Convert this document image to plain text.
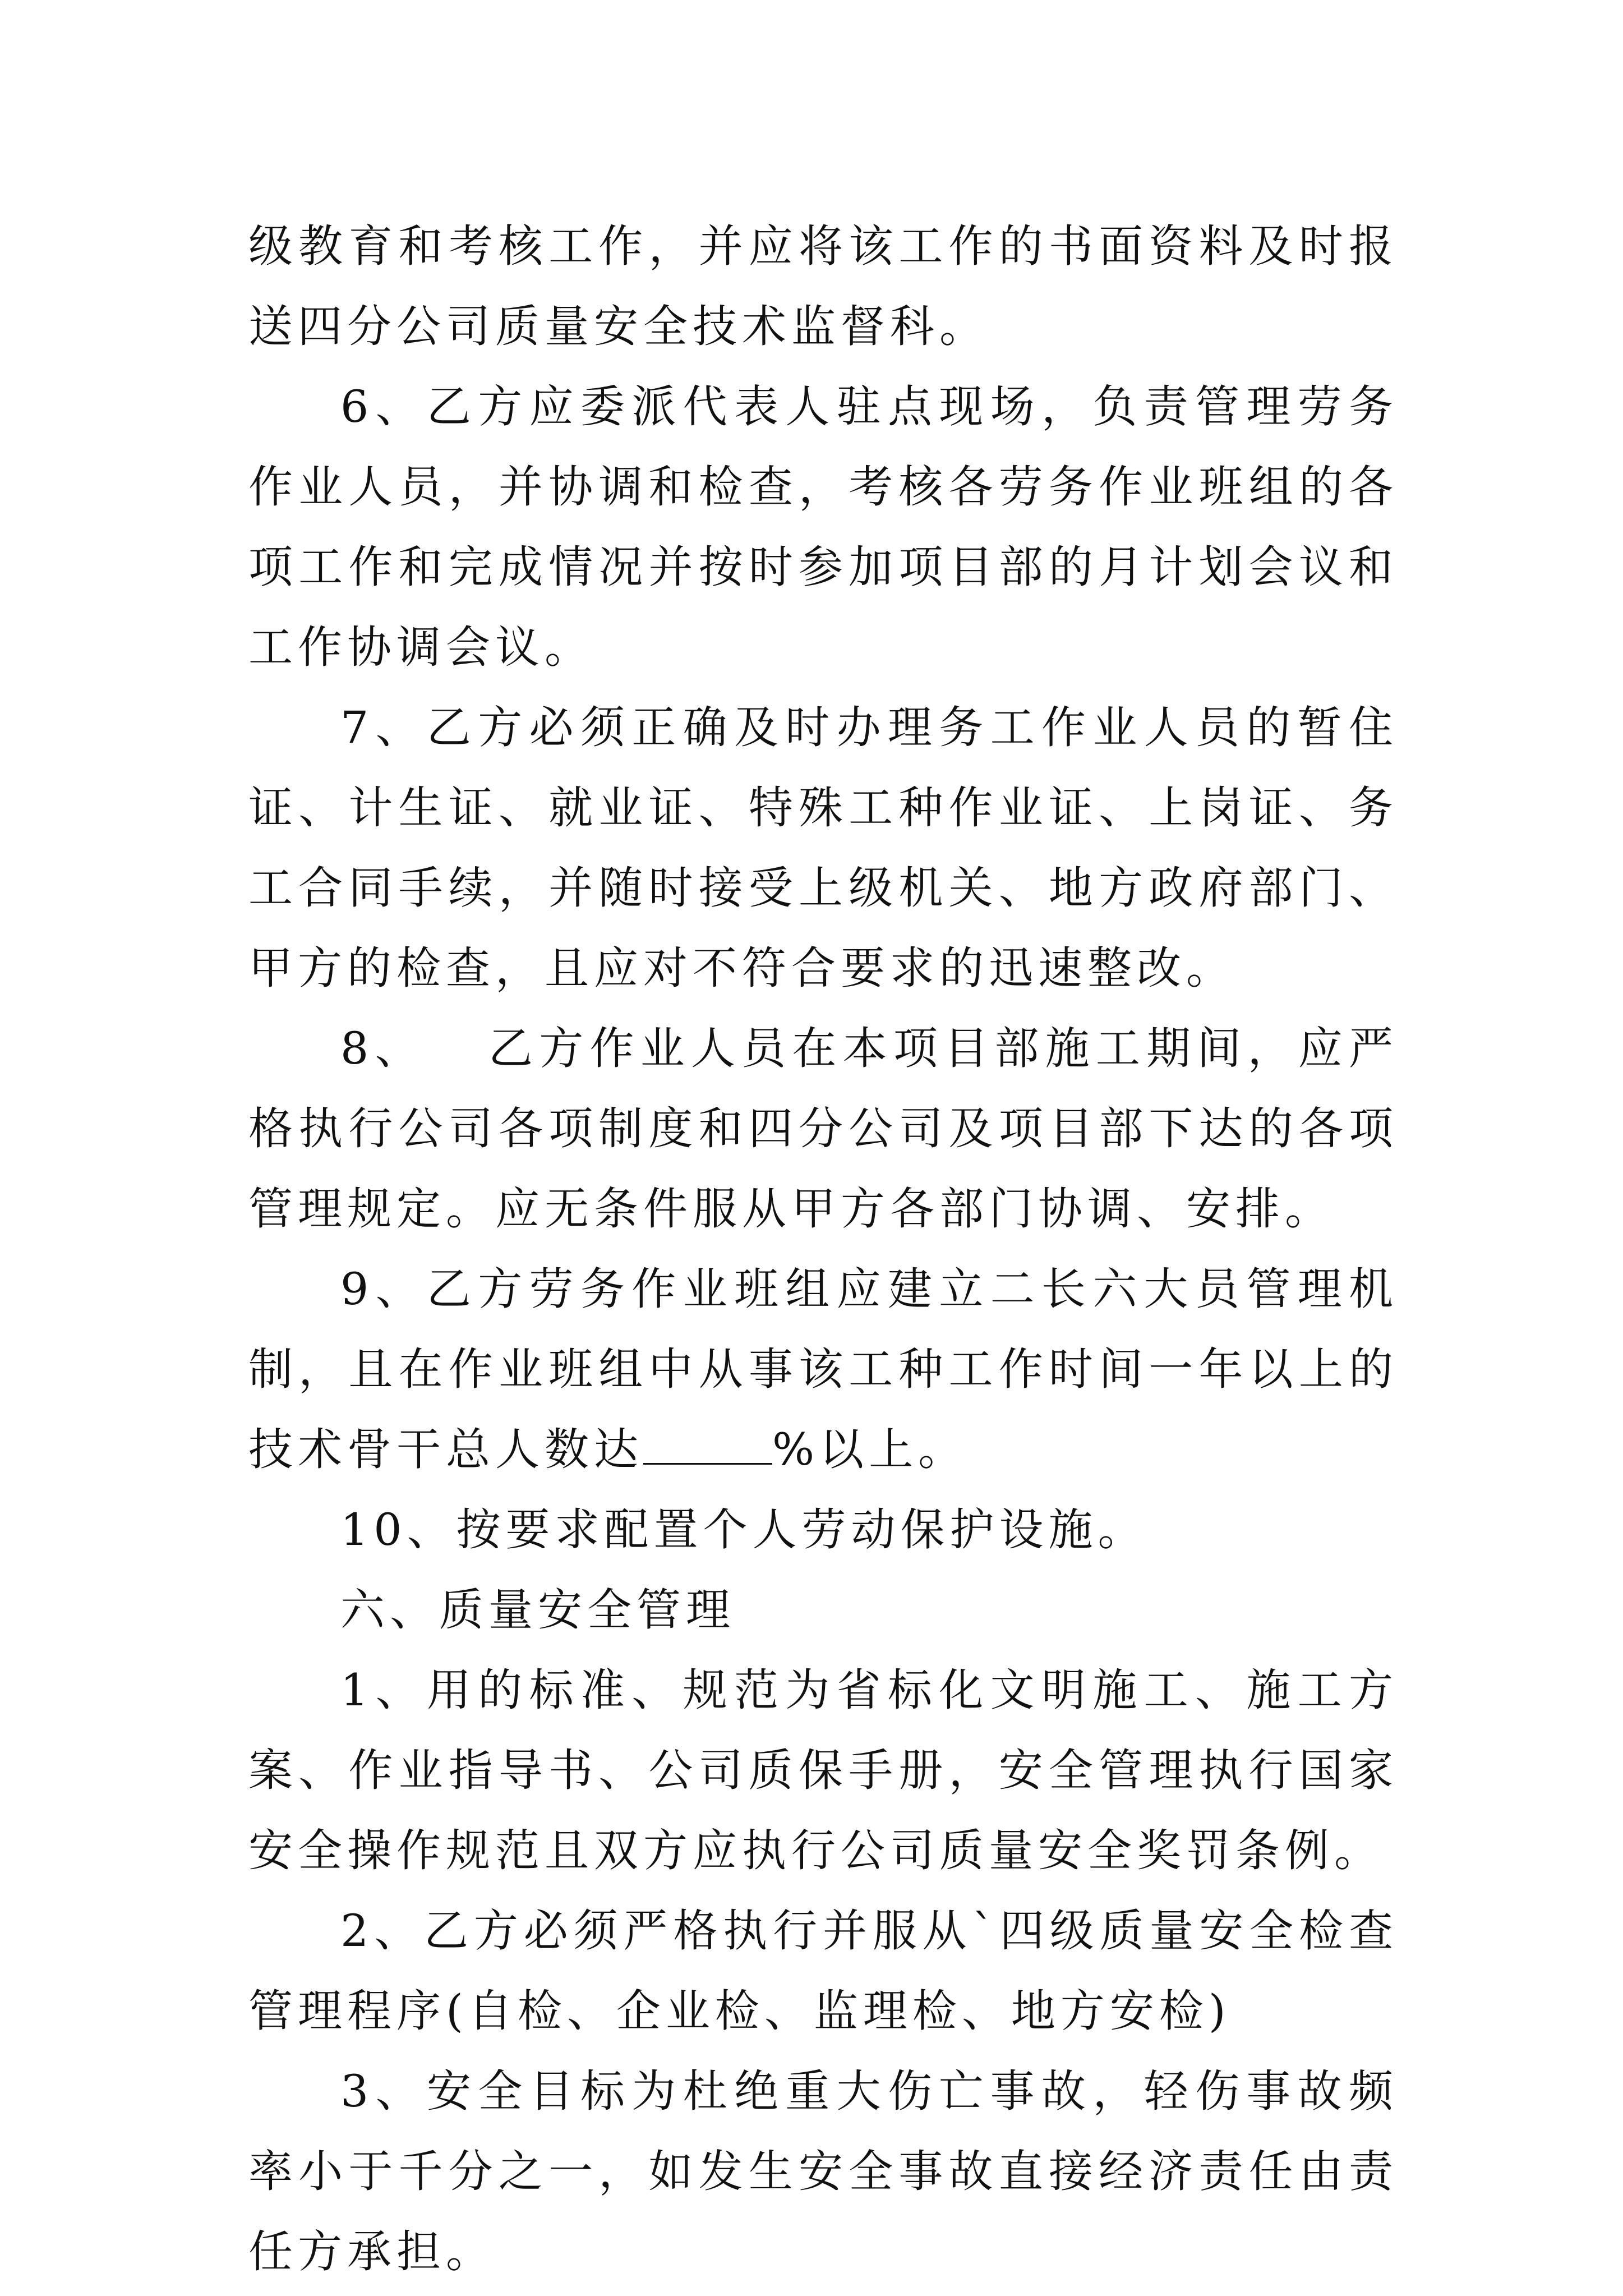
级教育和考核工作，并应将该工作的书面资料及时报送四分公司质量安全技术监督科。

6、乙方应委派代表人驻点现场，负责管理劳务作业人员，并协调和检查，考核各劳务作业班组的各项工作和完成情况并按时参加项目部的月计划会议和工作协调会议。

7、乙方必须正确及时办理务工作业人员的暂住证、计生证、就业证、特殊工种作业证、上岗证、务工合同手续，并随时接受上级机关、地方政府部门、甲方的检查，且应对不符合要求的迅速整改。

8、 乙方作业人员在本项目部施工期间，应严格执行公司各项制度和四分公司及项目部下达的各项管理规定。应无条件服从甲方各部门协调、安排。

9、乙方劳务作业班组应建立二长六大员管理机制，且在作业班组中从事该工种工作时间一年以上的技术骨干总人数达	%以上。

10、按要求配置个人劳动保护设施。

六、质量安全管理

1、用的标准、规范为省标化文明施工、施工方案、作业指导书、公司质保手册，安全管理执行国家安全操作规范且双方应执行公司质量安全奖罚条例。

2、乙方必须严格执行并服从`四级质量安全检查管理程序(自检、企业检、监理检、地方安检)

3、安全目标为杜绝重大伤亡事故，轻伤事故频率小于千分之一，如发生安全事故直接经济责任由责任方承担。
